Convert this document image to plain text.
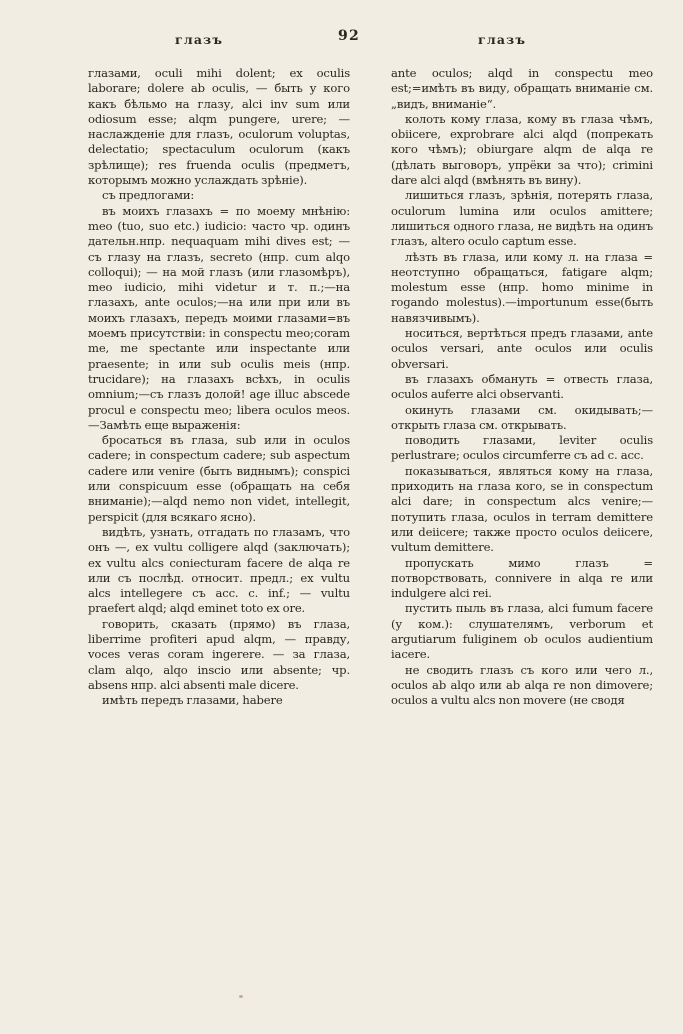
глазъ	92	глазъ

глазами, oculi mihi dolent; ex oculis laborare; dolere ab oculis, — быть у кого какъ бѣльмо на глазу, alci inv sum или odiosum esse; alqm pungere, urere; — наслажденіе для глазъ, oculorum voluptas, delectatio; spectaculum oculorum (какъ зрѣлище); res fruenda oculis (предметъ, которымъ можно услаждать зрѣніе).

съ предлогами:

въ моихъ глазахъ = по моему мнѣнію: meo (tuo, suo etc.) iudicio: часто чр. одинъ дательн.нпр. nequaquam mihi dives est; — съ глазу на глазъ, secreto (нпр. cum alqo colloqui); — на мой глазъ (или глазомѣръ), meo iudicio, mihi videtur и т. п.;—на глазахъ, ante oculos;—на или при или въ моихъ глазахъ, передъ моими глазами=въ моемъ присутствіи: in conspectu meo;coram me, me spectante или inspectante или praesente; in или sub oculis meis (нпр. trucidare); на глазахъ всѣхъ, in oculis omnium;—съ глазъ долой! age illuc abscede procul e conspectu meo; libera oculos meos.—Замѣть еще выраженія:

бросаться въ глаза, sub или in oculos cadere; in conspectum cadere; sub aspectum cadere или venire (быть виднымъ); conspici или conspicuum esse (обращать на себя вниманіе);—alqd nemo non videt, intellegit, perspicit (для всякаго ясно).

видѣть, узнать, отгадать по глазамъ, что онъ —, ex vultu colligere alqd (заключать); ex vultu alcs coniecturam facere de alqa re или съ послѣд. относит. предл.; ex vultu alcs intellegere съ acc. c. inf.; — vultu praefert alqd; alqd eminet toto ex ore.

говорить, сказать (прямо) въ глаза, liberrime profiteri apud alqm, — правду, voces veras coram ingerere. — за глаза, clam alqo, alqo inscio или absente; чр. absens нпр. alci absenti male dicere.

имѣть передъ глазами, habere

ante oculos; alqd in conspectu meo est;=имѣть въ виду, обращать вниманіе см. „видъ, вниманіе“.

колоть кому глаза, кому въ глаза чѣмъ, obiicere, exprobrare alci alqd (попрекать кого чѣмъ); obiurgare alqm de alqa re (дѣлать выговоръ, упрёки за что); crimini dare alci alqd (вмѣнять въ вину).

лишиться глазъ, зрѣнія, потерять глаза, oculorum lumina или oculos amittere; лишиться одного глаза, не видѣть на одинъ глазъ, altero oculo captum esse.

лѣзть въ глаза, или кому л. на глаза = неотступно обращаться, fatigare alqm; molestum esse (нпр. homo minime in rogando molestus).—importunum esse(быть навязчивымъ).

носиться, вертѣться предъ глазами, ante oculos versari, ante oculos или oculis obversari.

въ глазахъ обмануть = отвесть глаза, oculos auferre alci observanti.

окинуть глазами см. окидывать;—открыть глаза см. открывать.

поводить глазами, leviter oculis perlustrare; oculos circumferre съ ad c. acc.

показываться, являться кому на глаза, приходить на глаза кого, se in conspectum alci dare; in conspectum alcs venire;—потупить глаза, oculos in terram demittere или deiicere; также просто oculos deiicere, vultum demittere.

пропускать мимо глазъ = потворствовать, connivere in alqa re или indulgere alci rei.

пустить пыль въ глаза, alci fumum facere (у ком.): слушателямъ, verborum et argutiarum fuliginem ob oculos audientium iacere.

не сводить глазъ съ кого или чего л., oculos ab alqo или ab alqa re non dimovere; oculos a vultu alcs non movere (не сводя
